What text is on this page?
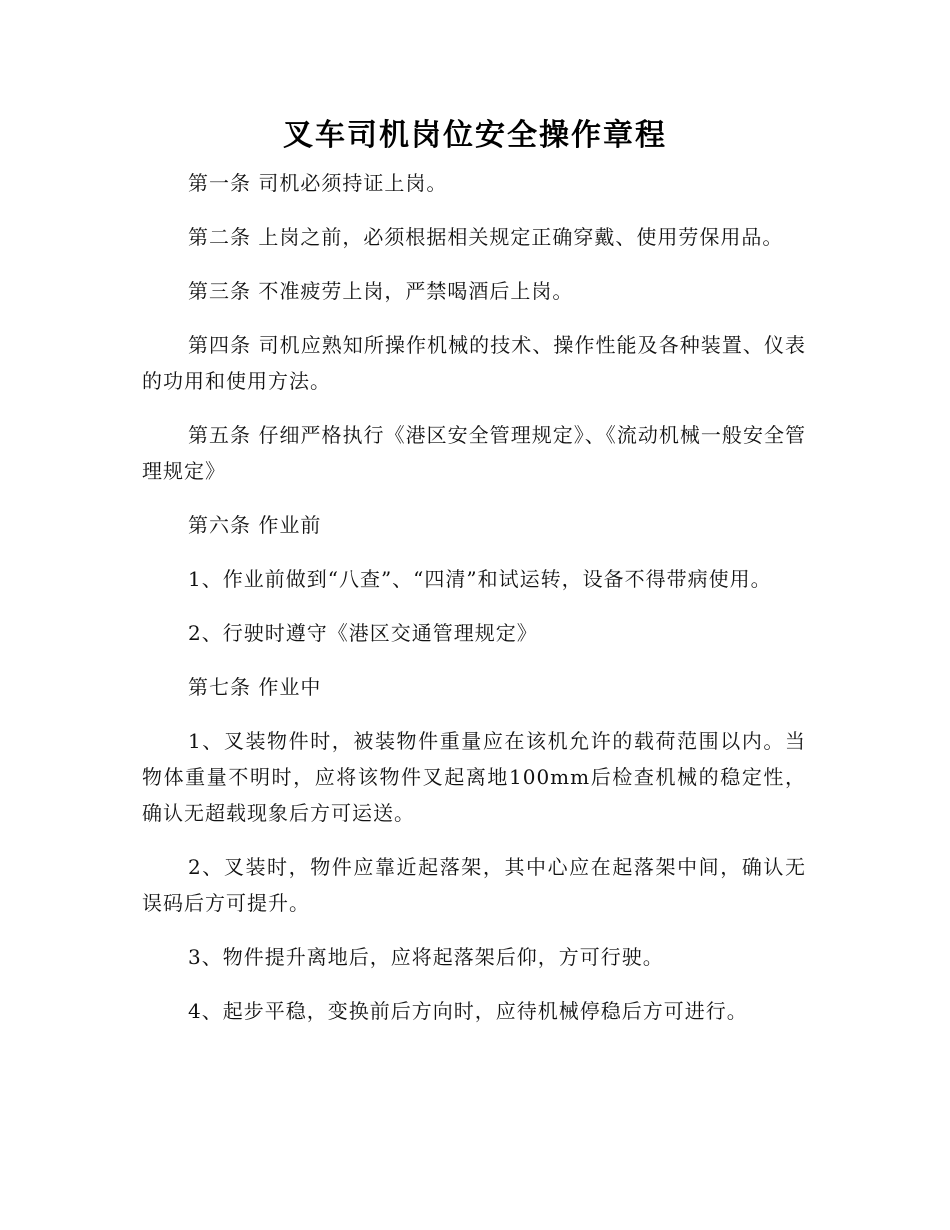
叉车司机岗位安全操作章程

第一条 司机必须持证上岗。

第二条 上岗之前，必须根据相关规定正确穿戴、使用劳保用品。

第三条 不准疲劳上岗，严禁喝酒后上岗。

第四条 司机应熟知所操作机械的技术、操作性能及各种装置、仪表的功用和使用方法。

第五条 仔细严格执行《港区安全管理规定》、《流动机械一般安全管理规定》

第六条 作业前

1、作业前做到“八查”、“四清”和试运转，设备不得带病使用。

2、行驶时遵守《港区交通管理规定》

第七条 作业中

1、叉装物件时，被装物件重量应在该机允许的载荷范围以内。当物体重量不明时，应将该物件叉起离地100mm后检查机械的稳定性，确认无超载现象后方可运送。

2、叉装时，物件应靠近起落架，其中心应在起落架中间，确认无误码后方可提升。

3、物件提升离地后，应将起落架后仰，方可行驶。

4、起步平稳，变换前后方向时，应待机械停稳后方可进行。
